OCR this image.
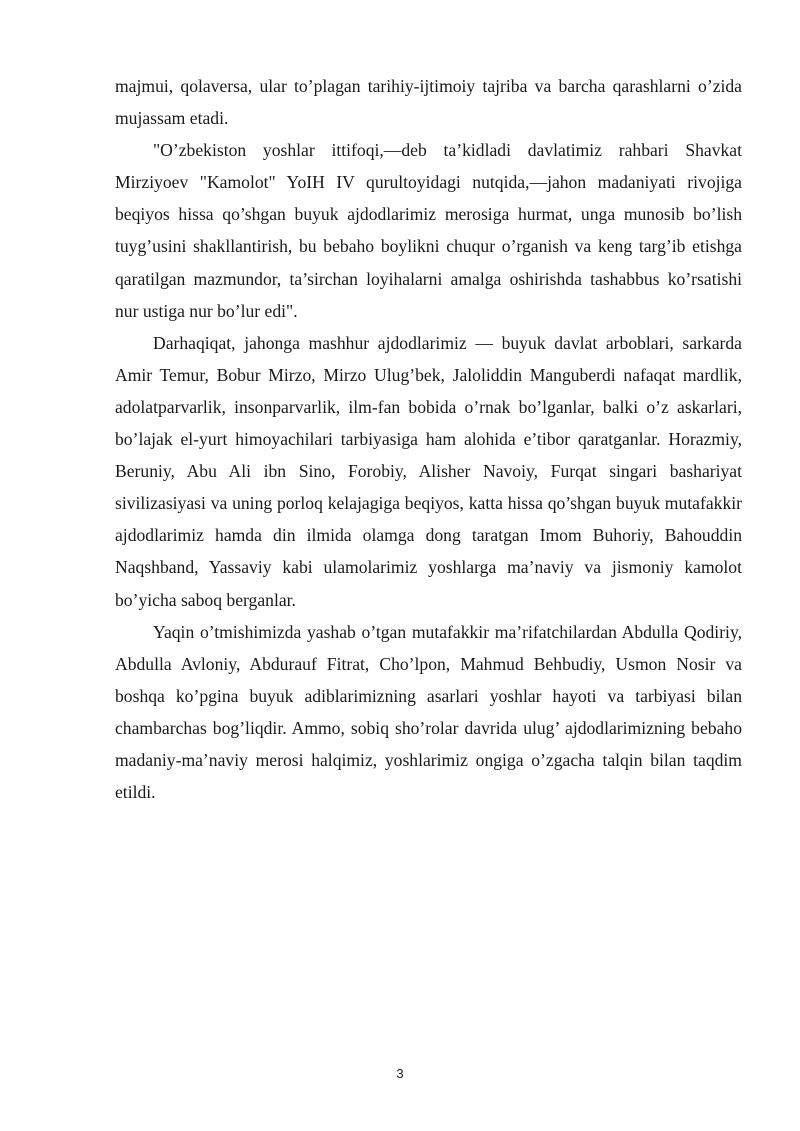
majmui, qolaversa, ular to’plagan tarihiy-ijtimoiy tajriba va barcha qarashlarni o’zida mujassam etadi.

"O’zbekiston yoshlar ittifoqi,—deb ta’kidladi davlatimiz rahbari Shavkat Mirziyoev "Kamolot" YoIH IV qurultoyidagi nutqida,—jahon madaniyati rivojiga beqiyos hissa qo’shgan buyuk ajdodlarimiz merosiga hurmat, unga munosib bo’lish tuyg’usini shakllantirish, bu bebaho boylikni chuqur o’rganish va keng targ’ib etishga qaratilgan mazmundor, ta’sirchan loyihalarni amalga oshirishda tashabbus ko’rsatishi nur ustiga nur bo’lur edi".

Darhaqiqat, jahonga mashhur ajdodlarimiz — buyuk davlat arboblari, sarkarda Amir Temur, Bobur Mirzo, Mirzo Ulug’bek, Jaloliddin Manguberdi nafaqat mardlik, adolatparvarlik, insonparvarlik, ilm-fan bobida o’rnak bo’lganlar, balki o’z askarlari, bo’lajak el-yurt himoyachilari tarbiyasiga ham alohida e’tibor qaratganlar. Horazmiy, Beruniy, Abu Ali ibn Sino, Forobiy, Alisher Navoiy, Furqat singari bashariyat sivilizasiyasi va uning porloq kelajagiga beqiyos, katta hissa qo’shgan buyuk mutafakkir ajdodlarimiz hamda din ilmida olamga dong taratgan Imom Buhoriy, Bahouddin Naqshband, Yassaviy kabi ulamolarimiz yoshlarga ma’naviy va jismoniy kamolot bo’yicha saboq berganlar.

Yaqin o’tmishimizda yashab o’tgan mutafakkir ma’rifatchilardan Abdulla Qodiriy, Abdulla Avloniy, Abdurauf Fitrat, Cho’lpon, Mahmud Behbudiy, Usmon Nosir va boshqa ko’pgina buyuk adiblarimizning asarlari yoshlar hayoti va tarbiyasi bilan chambarchas bog’liqdir. Ammo, sobiq sho’rolar davrida ulug’ ajdodlarimizning bebaho madaniy-ma’naviy merosi halqimiz, yoshlarimiz ongiga o’zgacha talqin bilan taqdim etildi.

3
